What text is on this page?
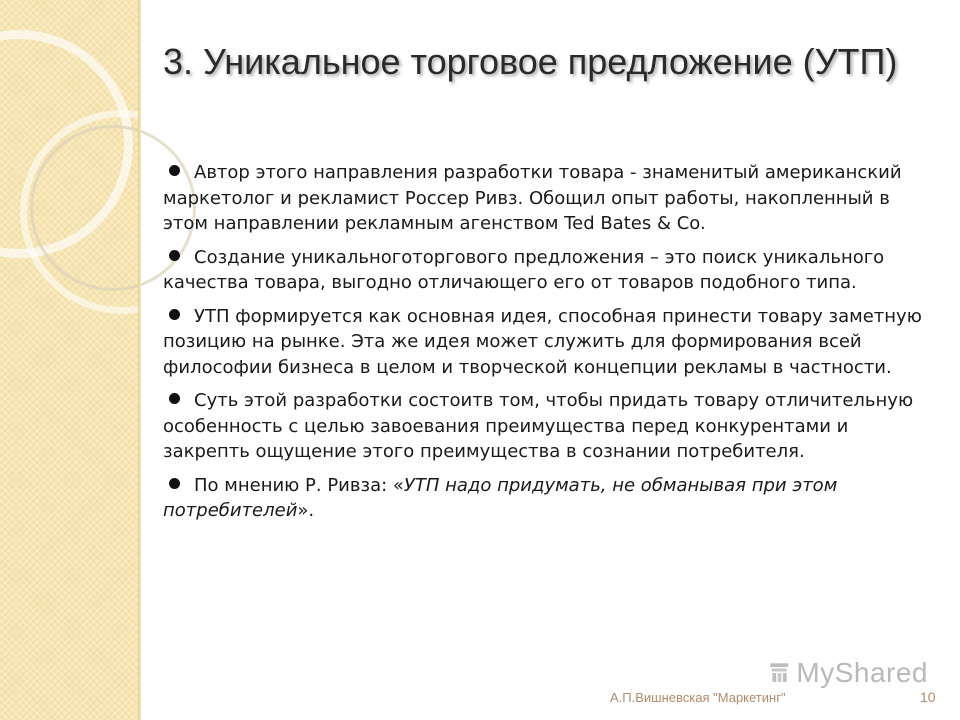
3. Уникальное торговое предложение (УТП)

Автор этого направления разработки товара - знаменитый американский маркетолог и рекламист Россер Ривз. Обощил опыт работы, накопленный в этом направлении рекламным агенством Ted Bates & Co.

Создание уникальноготоргового предложения – это поиск уникального качества товара, выгодно отличающего его от товаров подобного типа.

УТП формируется как основная идея, способная принести товару заметную позицию на рынке. Эта же идея может служить для формирования всей философии бизнеса в целом и творческой концепции рекламы в частности.

Суть этой разработки состоитв том, чтобы придать товару отличительную особенность с целью завоевания преимущества перед конкурентами и закрепть ощущение этого преимущества в сознании потребителя.

По мнению Р. Ривза: «УТП надо придумать, не обманывая при этом потребителей».

MyShared
А.П.Вишневская "Маркетинг"	10
